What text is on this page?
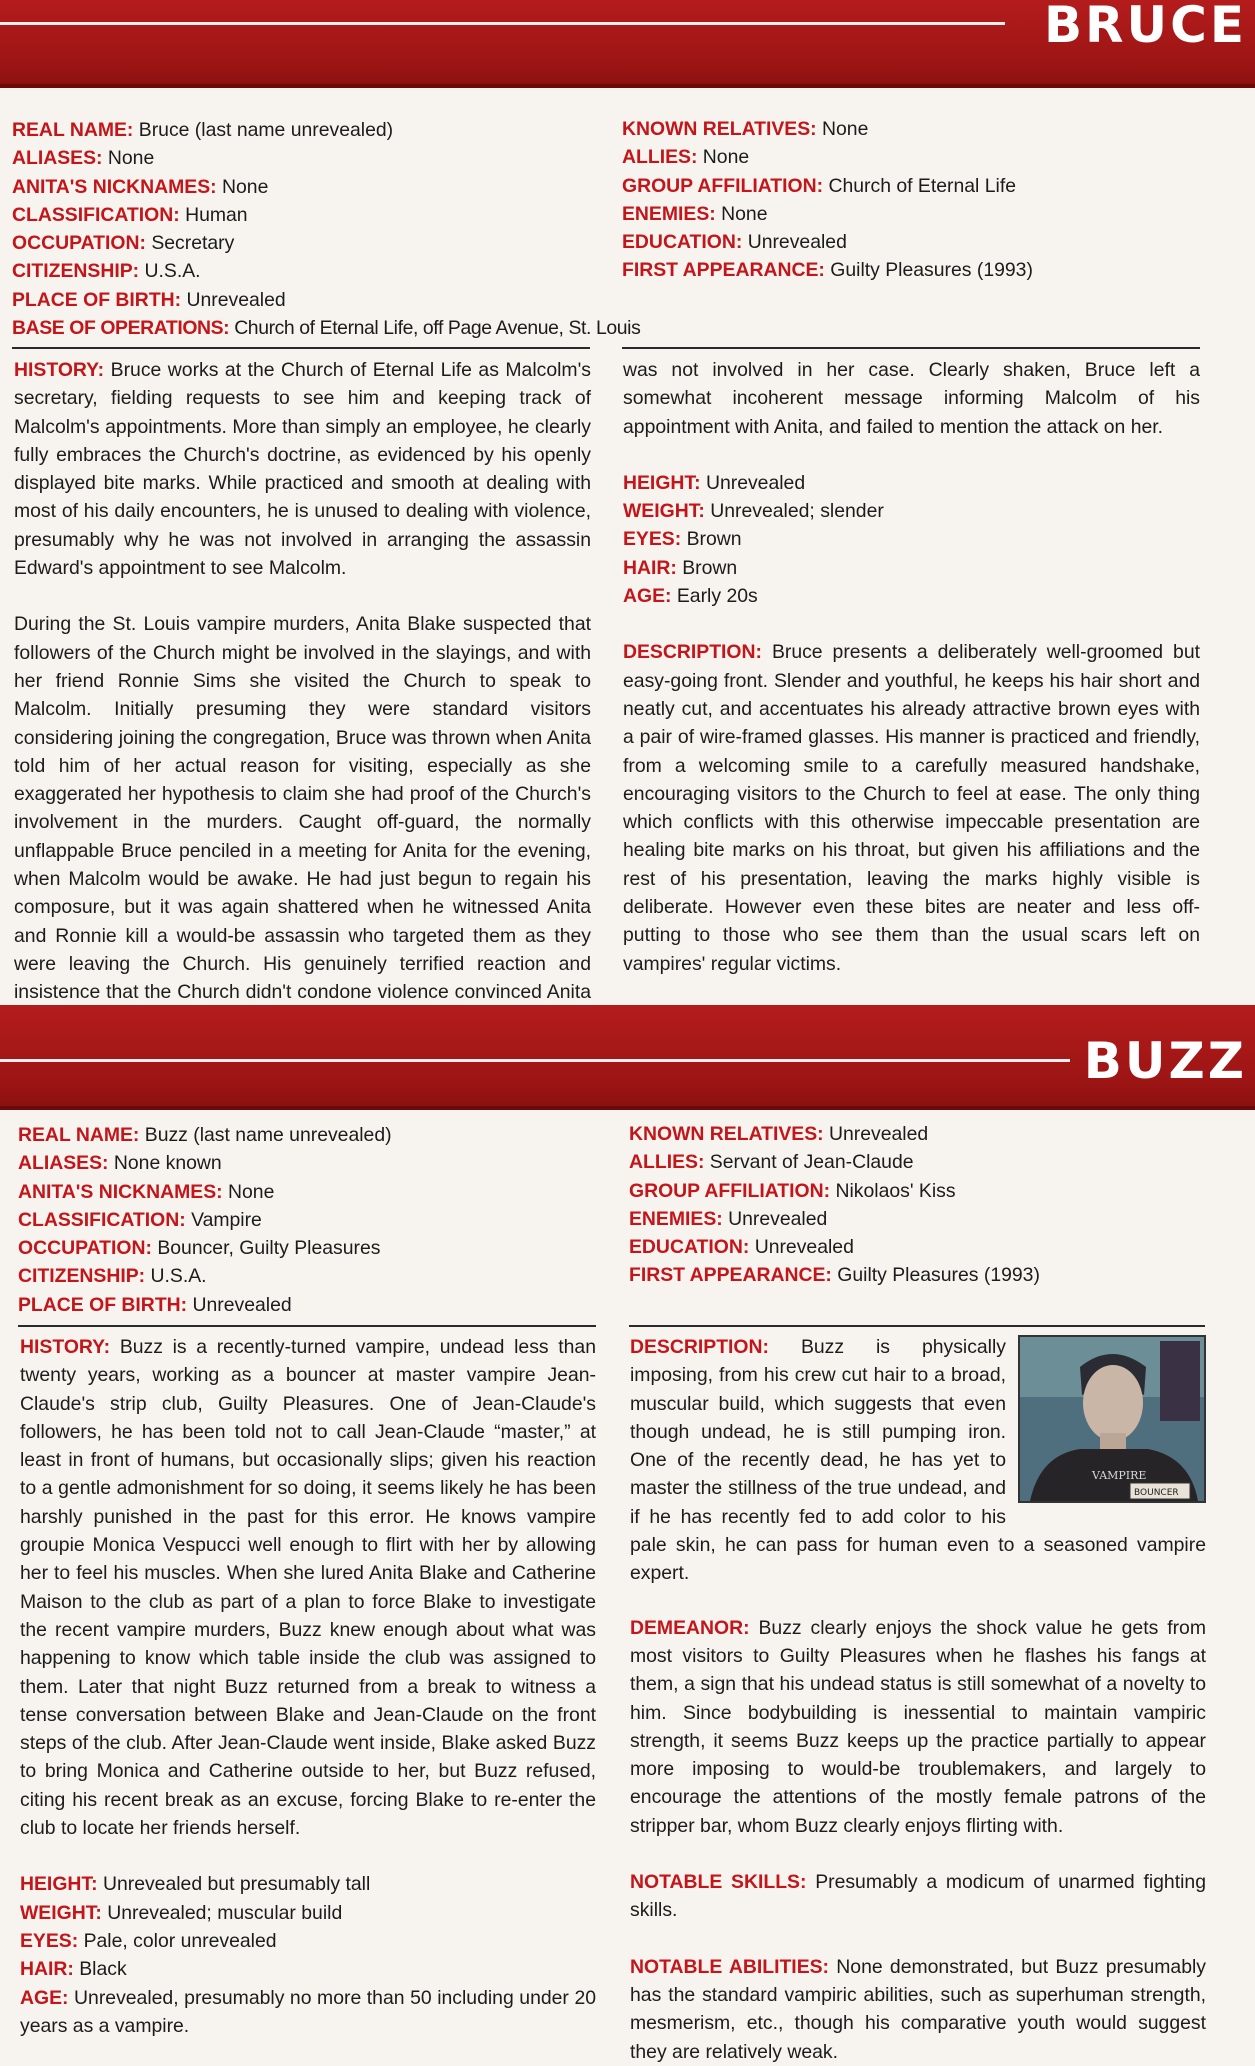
BRUCE
REAL NAME: Bruce (last name unrevealed)
ALIASES: None
ANITA'S NICKNAMES: None
CLASSIFICATION: Human
OCCUPATION: Secretary
CITIZENSHIP: U.S.A.
PLACE OF BIRTH: Unrevealed
BASE OF OPERATIONS: Church of Eternal Life, off Page Avenue, St. Louis
KNOWN RELATIVES: None
ALLIES: None
GROUP AFFILIATION: Church of Eternal Life
ENEMIES: None
EDUCATION: Unrevealed
FIRST APPEARANCE: Guilty Pleasures (1993)

HISTORY: Bruce works at the Church of Eternal Life as Malcolm's secretary, fielding requests to see him and keeping track of Malcolm's appointments. More than simply an employee, he clearly fully embraces the Church's doctrine, as evidenced by his openly displayed bite marks. While practiced and smooth at dealing with most of his daily encounters, he is unused to dealing with violence, presumably why he was not involved in arranging the assassin Edward's appointment to see Malcolm.

During the St. Louis vampire murders, Anita Blake suspected that followers of the Church might be involved in the slayings, and with her friend Ronnie Sims she visited the Church to speak to Malcolm. Initially presuming they were standard visitors considering joining the congregation, Bruce was thrown when Anita told him of her actual reason for visiting, especially as she exaggerated her hypothesis to claim she had proof of the Church's involvement in the murders. Caught off-guard, the normally unflappable Bruce penciled in a meeting for Anita for the evening, when Malcolm would be awake. He had just begun to regain his composure, but it was again shattered when he witnessed Anita and Ronnie kill a would-be assassin who targeted them as they were leaving the Church. His genuinely terrified reaction and insistence that the Church didn't condone violence convinced Anita

was not involved in her case. Clearly shaken, Bruce left a somewhat incoherent message informing Malcolm of his appointment with Anita, and failed to mention the attack on her.

HEIGHT: Unrevealed
WEIGHT: Unrevealed; slender
EYES: Brown
HAIR: Brown
AGE: Early 20s

DESCRIPTION: Bruce presents a deliberately well-groomed but easy-going front. Slender and youthful, he keeps his hair short and neatly cut, and accentuates his already attractive brown eyes with a pair of wire-framed glasses. His manner is practiced and friendly, from a welcoming smile to a carefully measured handshake, encouraging visitors to the Church to feel at ease. The only thing which conflicts with this otherwise impeccable presentation are healing bite marks on his throat, but given his affiliations and the rest of his presentation, leaving the marks highly visible is deliberate. However even these bites are neater and less off-putting to those who see them than the usual scars left on vampires' regular victims.

BUZZ
REAL NAME: Buzz (last name unrevealed)
ALIASES: None known
ANITA'S NICKNAMES: None
CLASSIFICATION: Vampire
OCCUPATION: Bouncer, Guilty Pleasures
CITIZENSHIP: U.S.A.
PLACE OF BIRTH: Unrevealed
KNOWN RELATIVES: Unrevealed
ALLIES: Servant of Jean-Claude
GROUP AFFILIATION: Nikolaos' Kiss
ENEMIES: Unrevealed
EDUCATION: Unrevealed
FIRST APPEARANCE: Guilty Pleasures (1993)

HISTORY: Buzz is a recently-turned vampire, undead less than twenty years, working as a bouncer at master vampire Jean-Claude's strip club, Guilty Pleasures. One of Jean-Claude's followers, he has been told not to call Jean-Claude “master,” at least in front of humans, but occasionally slips; given his reaction to a gentle admonishment for so doing, it seems likely he has been harshly punished in the past for this error. He knows vampire groupie Monica Vespucci well enough to flirt with her by allowing her to feel his muscles. When she lured Anita Blake and Catherine Maison to the club as part of a plan to force Blake to investigate the recent vampire murders, Buzz knew enough about what was happening to know which table inside the club was assigned to them. Later that night Buzz returned from a break to witness a tense conversation between Blake and Jean-Claude on the front steps of the club. After Jean-Claude went inside, Blake asked Buzz to bring Monica and Catherine outside to her, but Buzz refused, citing his recent break as an excuse, forcing Blake to re-enter the club to locate her friends herself.

HEIGHT: Unrevealed but presumably tall
WEIGHT: Unrevealed; muscular build
EYES: Pale, color unrevealed
HAIR: Black

AGE: Unrevealed, presumably no more than 50 including under 20 years as a vampire.

VAMPIRE
BOUNCER

DESCRIPTION: Buzz is physically imposing, from his crew cut hair to a broad, muscular build, which suggests that even though undead, he is still pumping iron. One of the recently dead, he has yet to master the stillness of the true undead, and if he has recently fed to add color to his pale skin, he can pass for human even to a seasoned vampire expert.

DEMEANOR: Buzz clearly enjoys the shock value he gets from most visitors to Guilty Pleasures when he flashes his fangs at them, a sign that his undead status is still somewhat of a novelty to him. Since bodybuilding is inessential to maintain vampiric strength, it seems Buzz keeps up the practice partially to appear more imposing to would-be troublemakers, and largely to encourage the attentions of the mostly female patrons of the stripper bar, whom Buzz clearly enjoys flirting with.

NOTABLE SKILLS: Presumably a modicum of unarmed fighting skills.

NOTABLE ABILITIES: None demonstrated, but Buzz presumably has the standard vampiric abilities, such as superhuman strength, mesmerism, etc., though his comparative youth would suggest they are relatively weak.
